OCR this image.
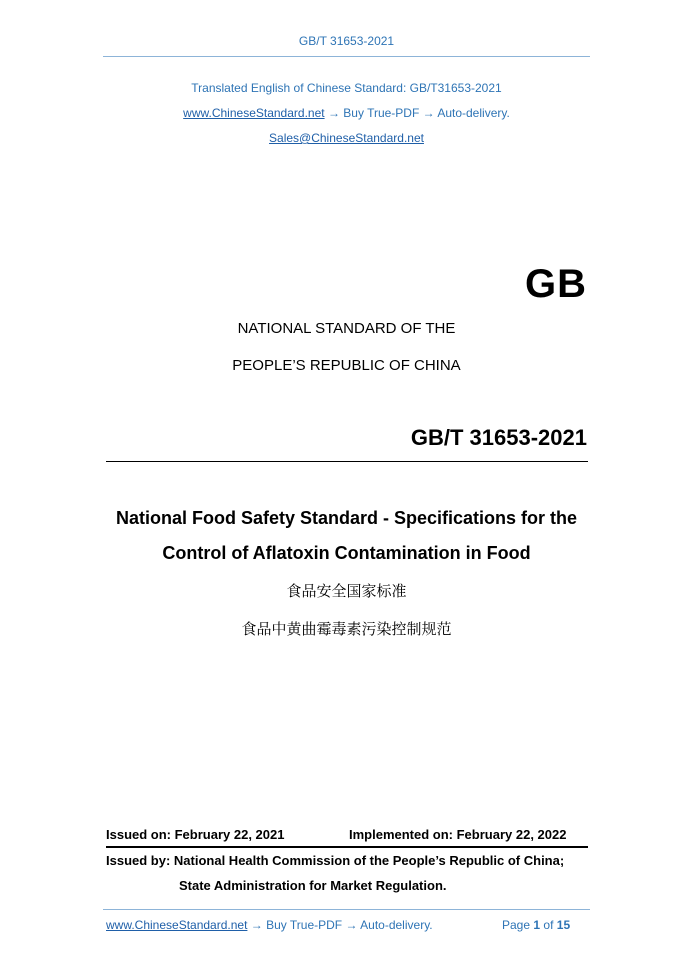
GB/T 31653-2021
Translated English of Chinese Standard: GB/T31653-2021
www.ChineseStandard.net → Buy True-PDF → Auto-delivery.
Sales@ChineseStandard.net
GB
NATIONAL STANDARD OF THE
PEOPLE’S REPUBLIC OF CHINA
GB/T 31653-2021
National Food Safety Standard - Specifications for the
Control of Aflatoxin Contamination in Food
食品安全国家标准
食品中黄曲霉毒素污染控制规范
Issued on: February 22, 2021	Implemented on: February 22, 2022
Issued by: National Health Commission of the People’s Republic of China;
State Administration for Market Regulation.
www.ChineseStandard.net → Buy True-PDF → Auto-delivery.	Page 1 of 15
